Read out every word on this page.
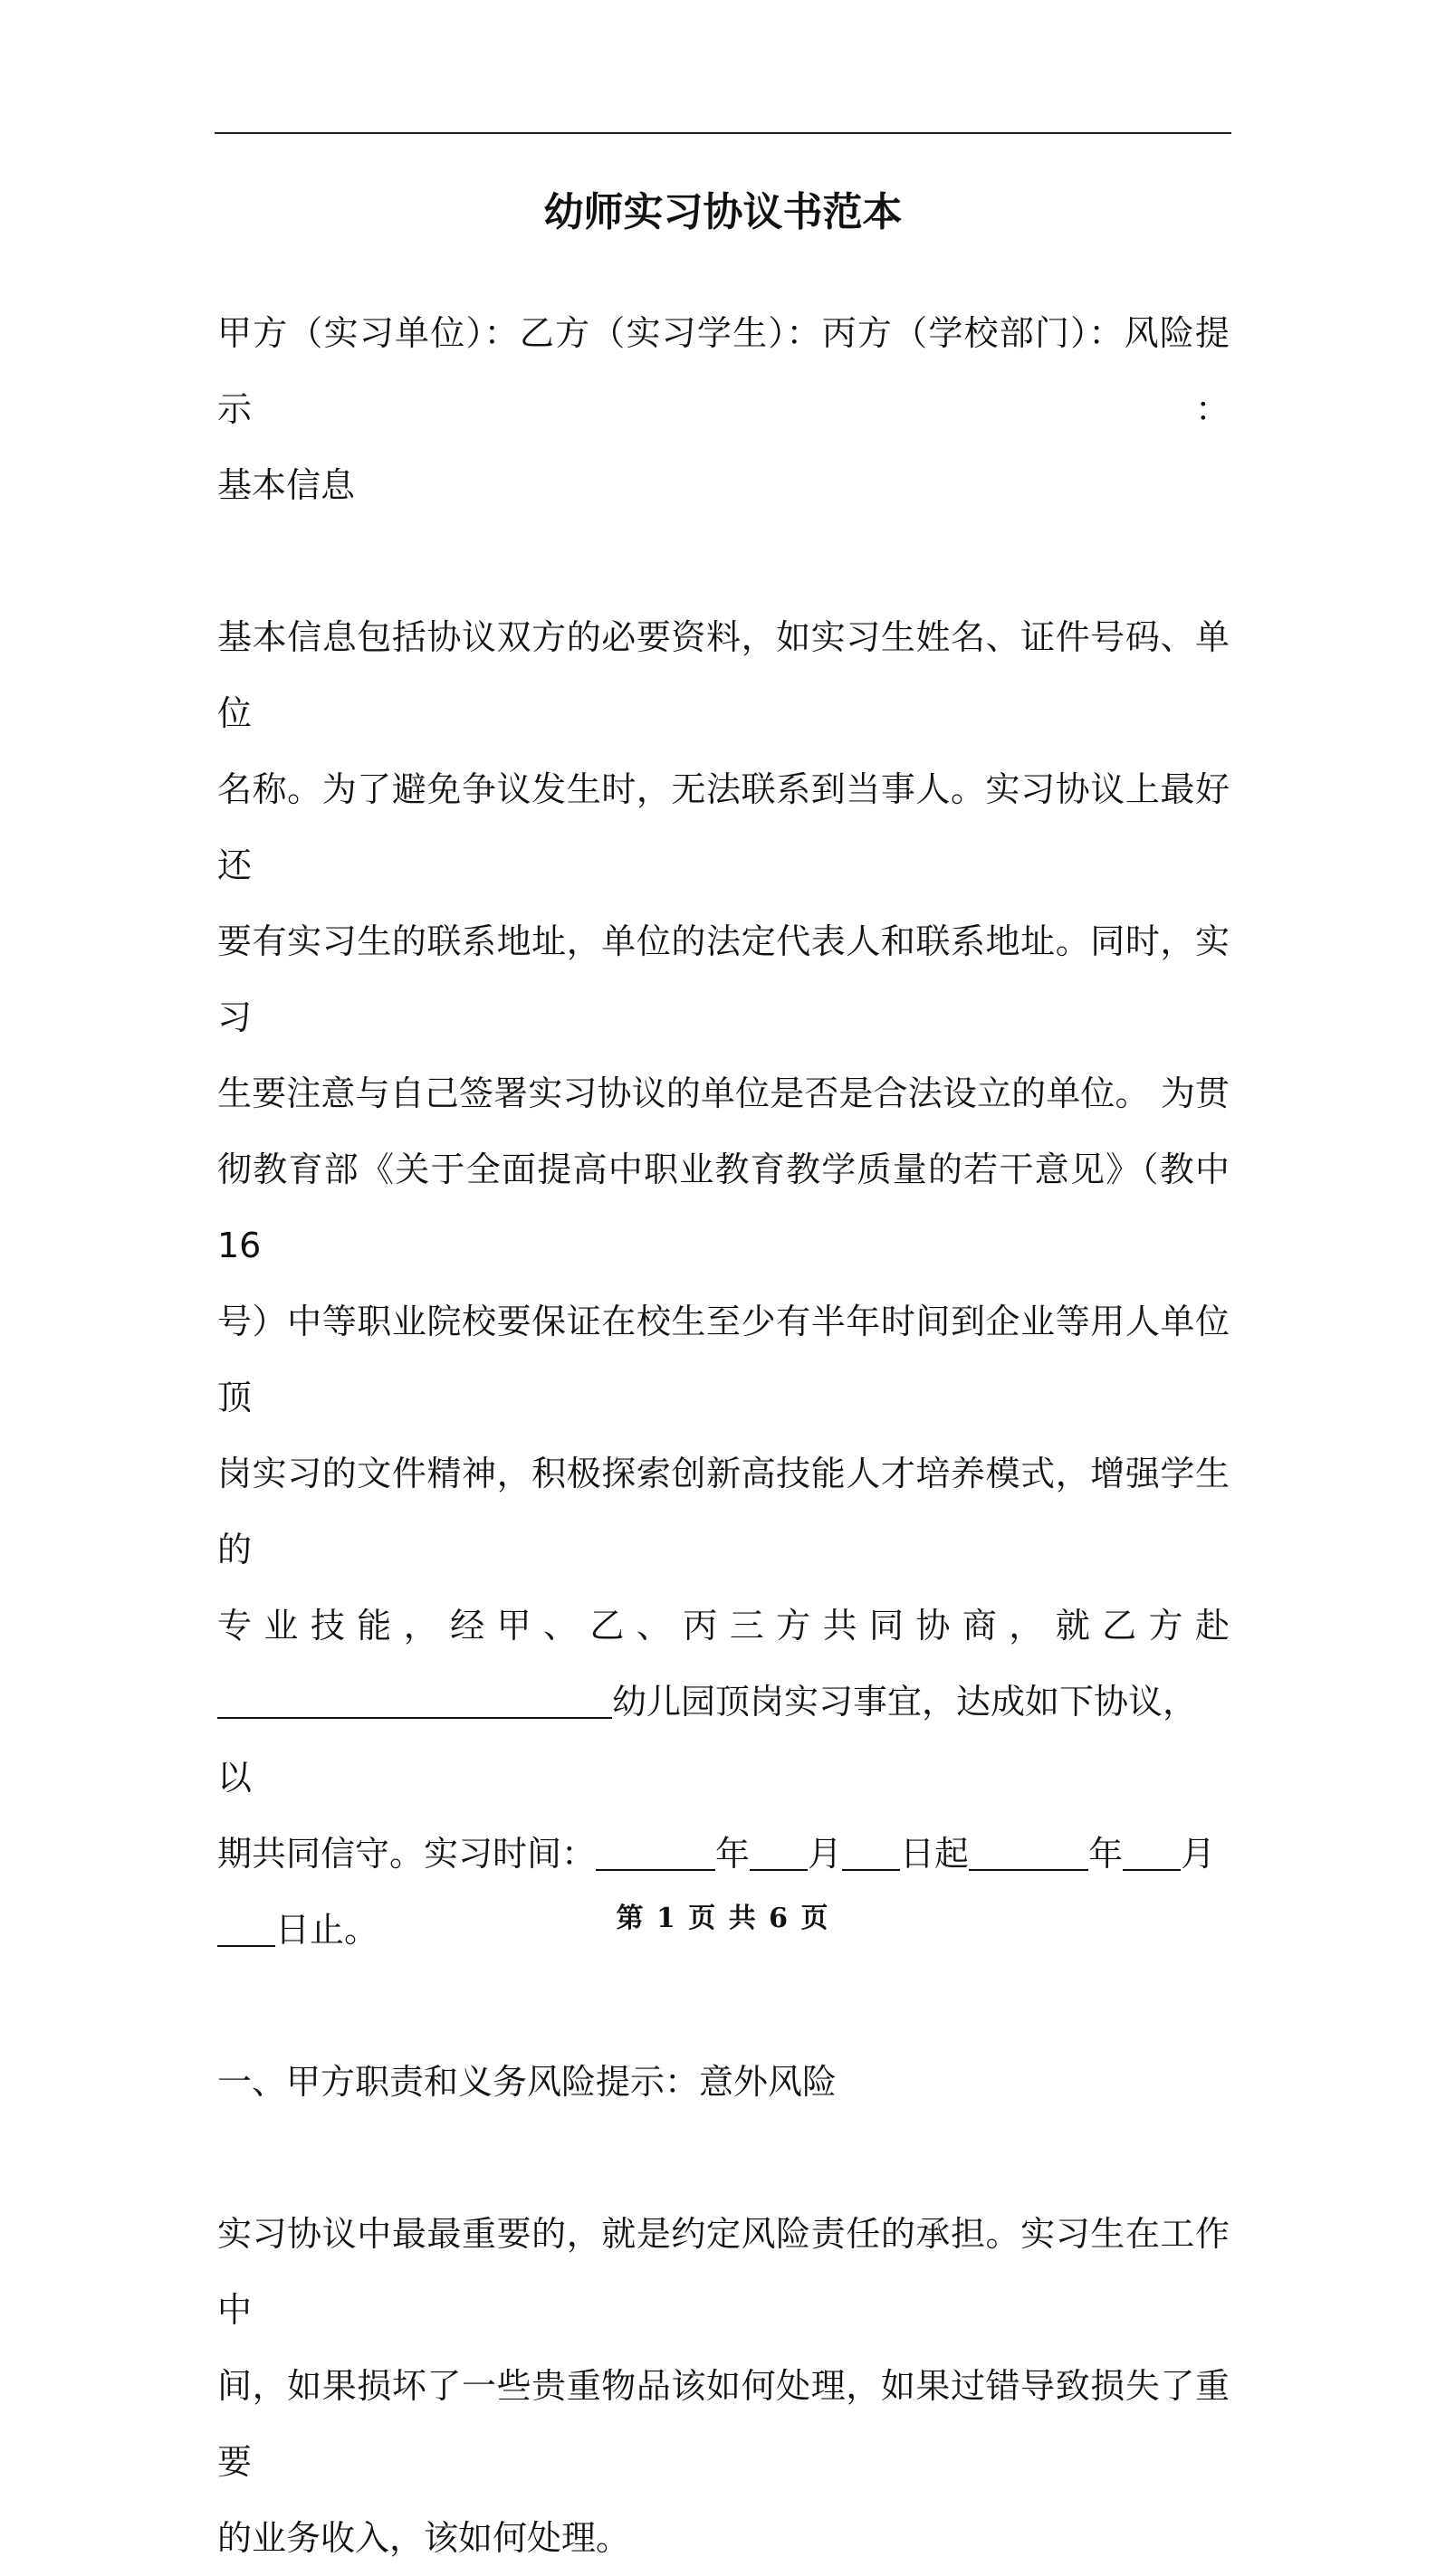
幼师实习协议书范本

甲方（实习单位）：乙方（实习学生）：丙方（学校部门）：风险提示：

基本信息

基本信息包括协议双方的必要资料，如实习生姓名、证件号码、单位

名称。为了避免争议发生时，无法联系到当事人。实习协议上最好还

要有实习生的联系地址，单位的法定代表人和联系地址。同时，实习

生要注意与自己签署实习协议的单位是否是合法设立的单位。 为贯

彻教育部《关于全面提高中职业教育教学质量的若干意见》（教中16

号）中等职业院校要保证在校生至少有半年时间到企业等用人单位顶

岗实习的文件精神，积极探索创新高技能人才培养模式，增强学生的

专业技能，经甲、乙、丙三方共同协商，就乙方赴

幼儿园顶岗实习事宜，达成如下协议，以

期共同信守。实习时间：	年 月 日起	年 月

日止。

一、甲方职责和义务风险提示：意外风险

实习协议中最最重要的，就是约定风险责任的承担。实习生在工作中

间，如果损坏了一些贵重物品该如何处理，如果过错导致损失了重要

的业务收入，该如何处理。

第 1 页 共 6 页
